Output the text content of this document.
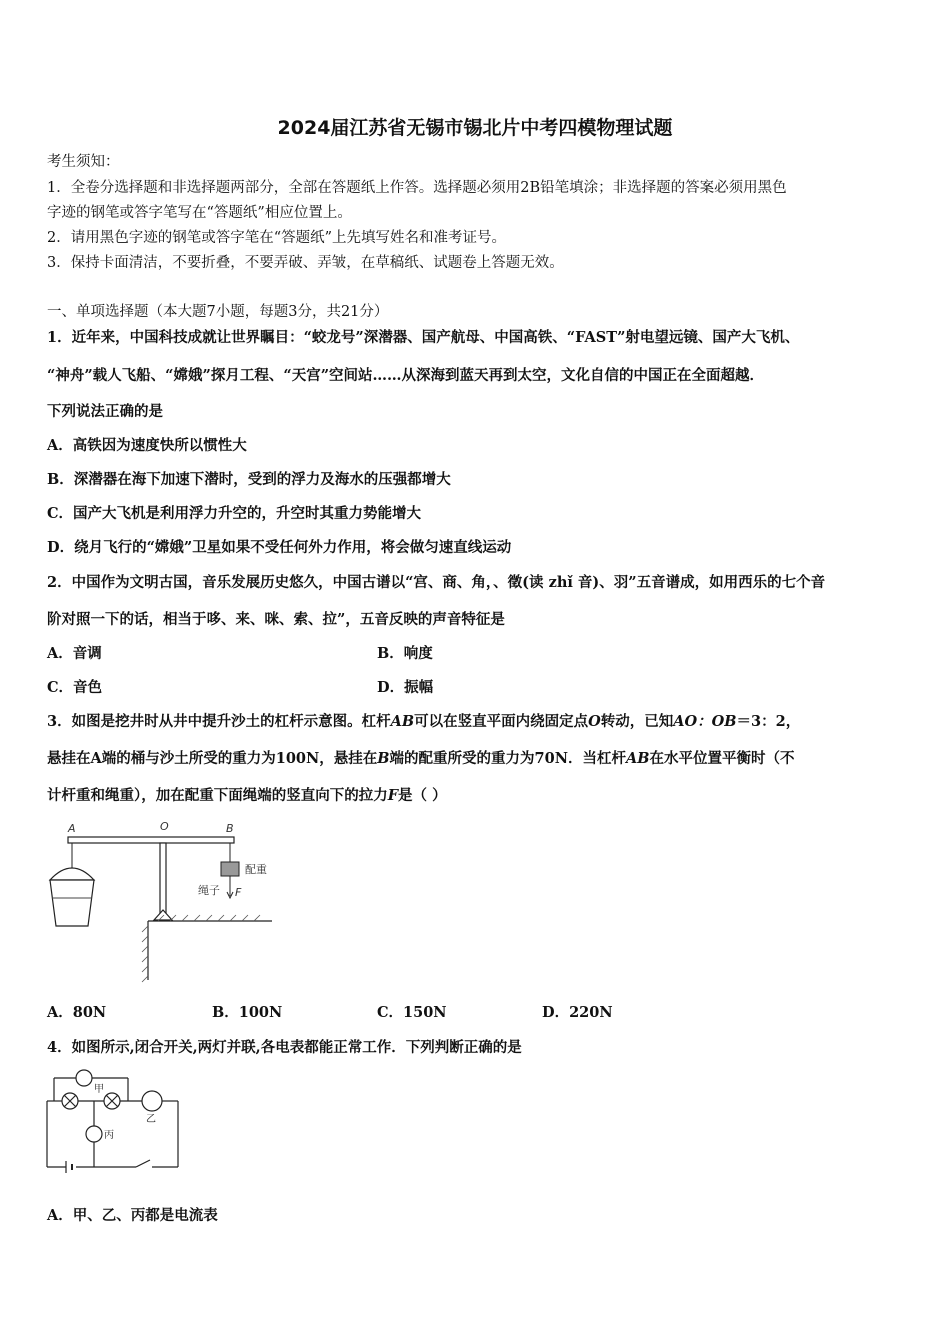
2024届江苏省无锡市锡北片中考四模物理试题
考生须知：
1．全卷分选择题和非选择题两部分，全部在答题纸上作答。选择题必须用2B铅笔填涂；非选择题的答案必须用黑色
字迹的钢笔或答字笔写在“答题纸”相应位置上。
2．请用黑色字迹的钢笔或答字笔在“答题纸”上先填写姓名和准考证号。
3．保持卡面清洁，不要折叠，不要弄破、弄皱，在草稿纸、试题卷上答题无效。
一、单项选择题（本大题7小题，每题3分，共21分）
1．近年来，中国科技成就让世界瞩目：“蛟龙号”深潜器、国产航母、中国高铁、“FAST”射电望远镜、国产大飞机、
“神舟”载人飞船、“嫦娥”探月工程、“天宫”空间站……从深海到蓝天再到太空，文化自信的中国正在全面超越．
下列说法正确的是
A．高铁因为速度快所以惯性大
B．深潜器在海下加速下潜时，受到的浮力及海水的压强都增大
C．国产大飞机是利用浮力升空的，升空时其重力势能增大
D．绕月飞行的“嫦娥”卫星如果不受任何外力作用，将会做匀速直线运动
2．中国作为文明古国，音乐发展历史悠久，中国古谱以“宫、商、角，、徵(读 zhǐ 音)、羽”五音谱成，如用西乐的七个音
阶对照一下的话，相当于哆、来、咪、索、拉”，五音反映的声音特征是
A．音调	B．响度
C．音色	D．振幅
3．如图是挖井时从井中提升沙土的杠杆示意图。杠杆AB可以在竖直平面内绕固定点O转动，已知AO：OB＝3：2，
悬挂在A端的桶与沙土所受的重力为100N，悬挂在B端的配重所受的重力为70N．当杠杆AB在水平位置平衡时（不
计杆重和绳重），加在配重下面绳端的竖直向下的拉力F是（ ）
A	O	B
配重
绳子 F
A．80N	B．100N	C．150N	D．220N
4．如图所示,闭合开关,两灯并联,各电表都能正常工作．下列判断正确的是
甲
乙
丙
A．甲、乙、丙都是电流表
